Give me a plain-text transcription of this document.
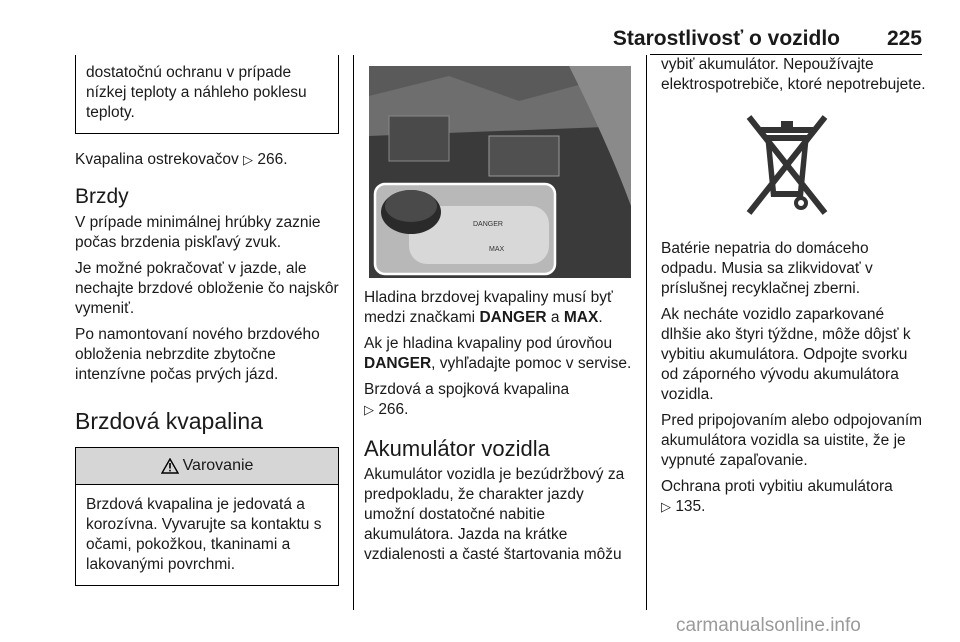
Starostlivosť o vozidlo 225
dostatočnú ochranu v prípade nízkej teploty a náhleho poklesu teploty.

Kvapalina ostrekovačov ▷ 266.

Brzdy

V prípade minimálnej hrúbky zaznie počas brzdenia piskľavý zvuk.

Je možné pokračovať v jazde, ale nechajte brzdové obloženie čo najskôr vymeniť.

Po namontovaní nového brzdového obloženia nebrzdite zbytočne intenzívne počas prvých jázd.

Brzdová kvapalina
Varovanie
Brzdová kvapalina je jedovatá a korozívna. Vyvarujte sa kontaktu s očami, pokožkou, tkaninami a lakovanými povrchmi.
DANGER
MAX

Hladina brzdovej kvapaliny musí byť medzi značkami DANGER a MAX.

Ak je hladina kvapaliny pod úrovňou DANGER, vyhľadajte pomoc v servise.

Brzdová a spojková kvapalina
▷ 266.

Akumulátor vozidla

Akumulátor vozidla je bezúdržbový za predpokladu, že charakter jazdy umožní dostatočné nabitie akumulátora. Jazda na krátke vzdialenosti a časté štartovania môžu

vybiť akumulátor. Nepoužívajte elektrospotrebiče, ktoré nepotrebujete.

Batérie nepatria do domáceho odpadu. Musia sa zlikvidovať v príslušnej recyklačnej zberni.

Ak necháte vozidlo zaparkované dlhšie ako štyri týždne, môže dôjsť k vybitiu akumulátora. Odpojte svorku od záporného vývodu akumulátora vozidla.

Pred pripojovaním alebo odpojovaním akumulátora vozidla sa uistite, že je vypnuté zapaľovanie.

Ochrana proti vybitiu akumulátora
▷ 135.

carmanualsonline.info
